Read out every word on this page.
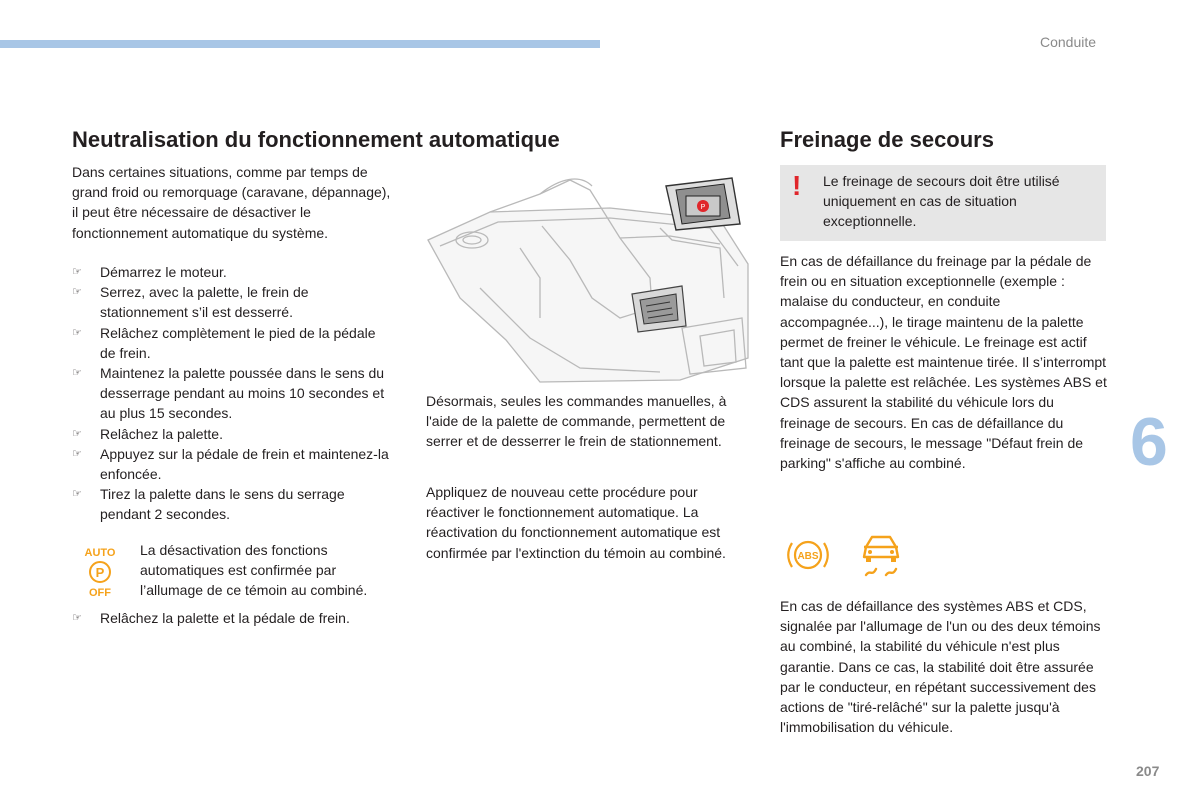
Conduite
6
207
Neutralisation du fonctionnement automatique

Dans certaines situations, comme par temps de grand froid ou remorquage (caravane, dépannage), il peut être nécessaire de désactiver le fonctionnement automatique du système.

☞ Démarrez le moteur.
☞ Serrez, avec la palette, le frein de stationnement s’il est desserré.
☞ Relâchez complètement le pied de la pédale de frein.
☞ Maintenez la palette poussée dans le sens du desserrage pendant au moins 10 secondes et au plus 15 secondes.
☞ Relâchez la palette.
☞ Appuyez sur la pédale de frein et maintenez-la enfoncée.
☞ Tirez la palette dans le sens du serrage pendant 2 secondes.
AUTO
P
OFF

La désactivation des fonctions automatiques est confirmée par l’allumage de ce témoin au combiné.

☞ Relâchez la palette et la pédale de frein.
P

Désormais, seules les commandes manuelles, à l'aide de la palette de commande, permettent de serrer et de desserrer le frein de stationnement.

Appliquez de nouveau cette procédure pour réactiver le fonctionnement automatique. La réactivation du fonctionnement automatique est confirmée par l'extinction du témoin au combiné.

Freinage de secours
! Le freinage de secours doit être utilisé uniquement en cas de situation exceptionnelle.

En cas de défaillance du freinage par la pédale de frein ou en situation exceptionnelle (exemple : malaise du conducteur, en conduite accompagnée...), le tirage maintenu de la palette permet de freiner le véhicule. Le freinage est actif tant que la palette est maintenue tirée. Il s’interrompt lorsque la palette est relâchée. Les systèmes ABS et CDS assurent la stabilité du véhicule lors du freinage de secours. En cas de défaillance du freinage de secours, le message "Défaut frein de parking" s'affiche au combiné.

ABS

En cas de défaillance des systèmes ABS et CDS, signalée par l'allumage de l'un ou des deux témoins au combiné, la stabilité du véhicule n'est plus garantie. Dans ce cas, la stabilité doit être assurée par le conducteur, en répétant successivement des actions de "tiré-relâché" sur la palette jusqu'à l'immobilisation du véhicule.
